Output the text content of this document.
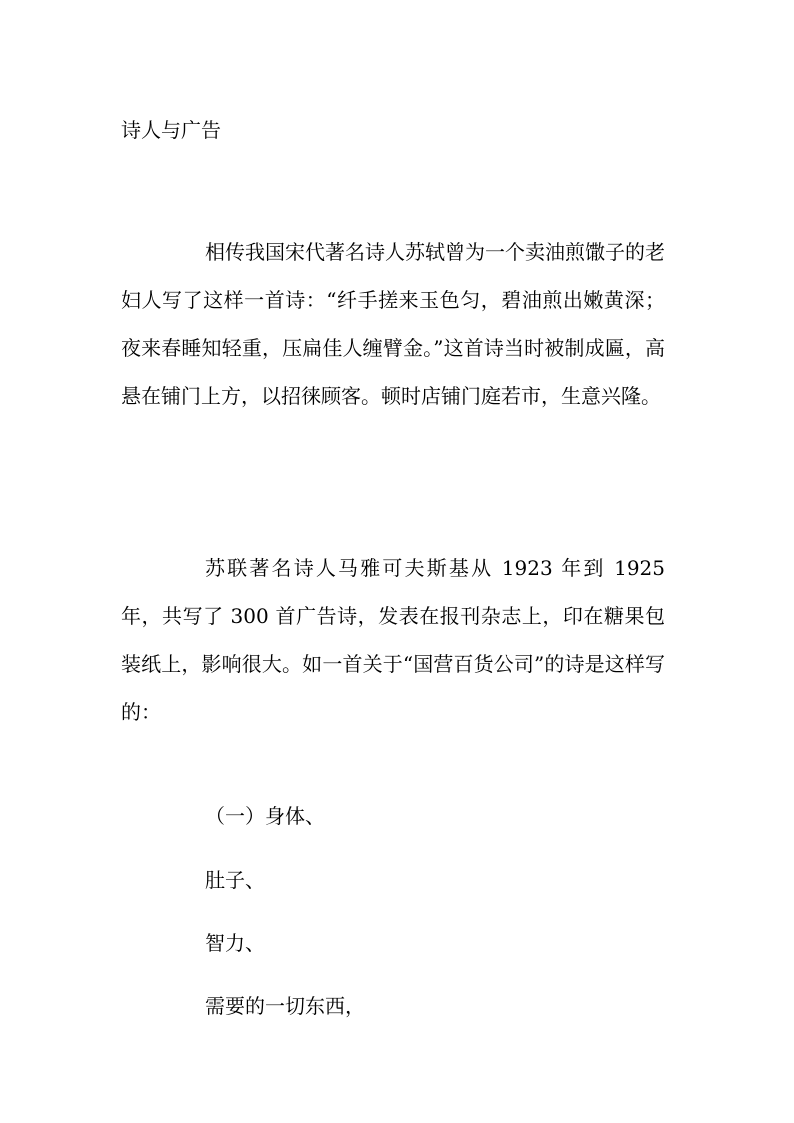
诗人与广告

相传我国宋代著名诗人苏轼曾为一个卖油煎馓子的老妇人写了这样一首诗：“纤手搓来玉色匀，碧油煎出嫩黄深；夜来春睡知轻重，压扁佳人缠臂金。”这首诗当时被制成匾，高悬在铺门上方，以招徕顾客。顿时店铺门庭若市，生意兴隆。

苏联著名诗人马雅可夫斯基从 1923 年到 1925 年，共写了 300 首广告诗，发表在报刊杂志上，印在糖果包装纸上，影响很大。如一首关于“国营百货公司”的诗是这样写的：

（一）身体、
肚子、
智力、
需要的一切东西，
